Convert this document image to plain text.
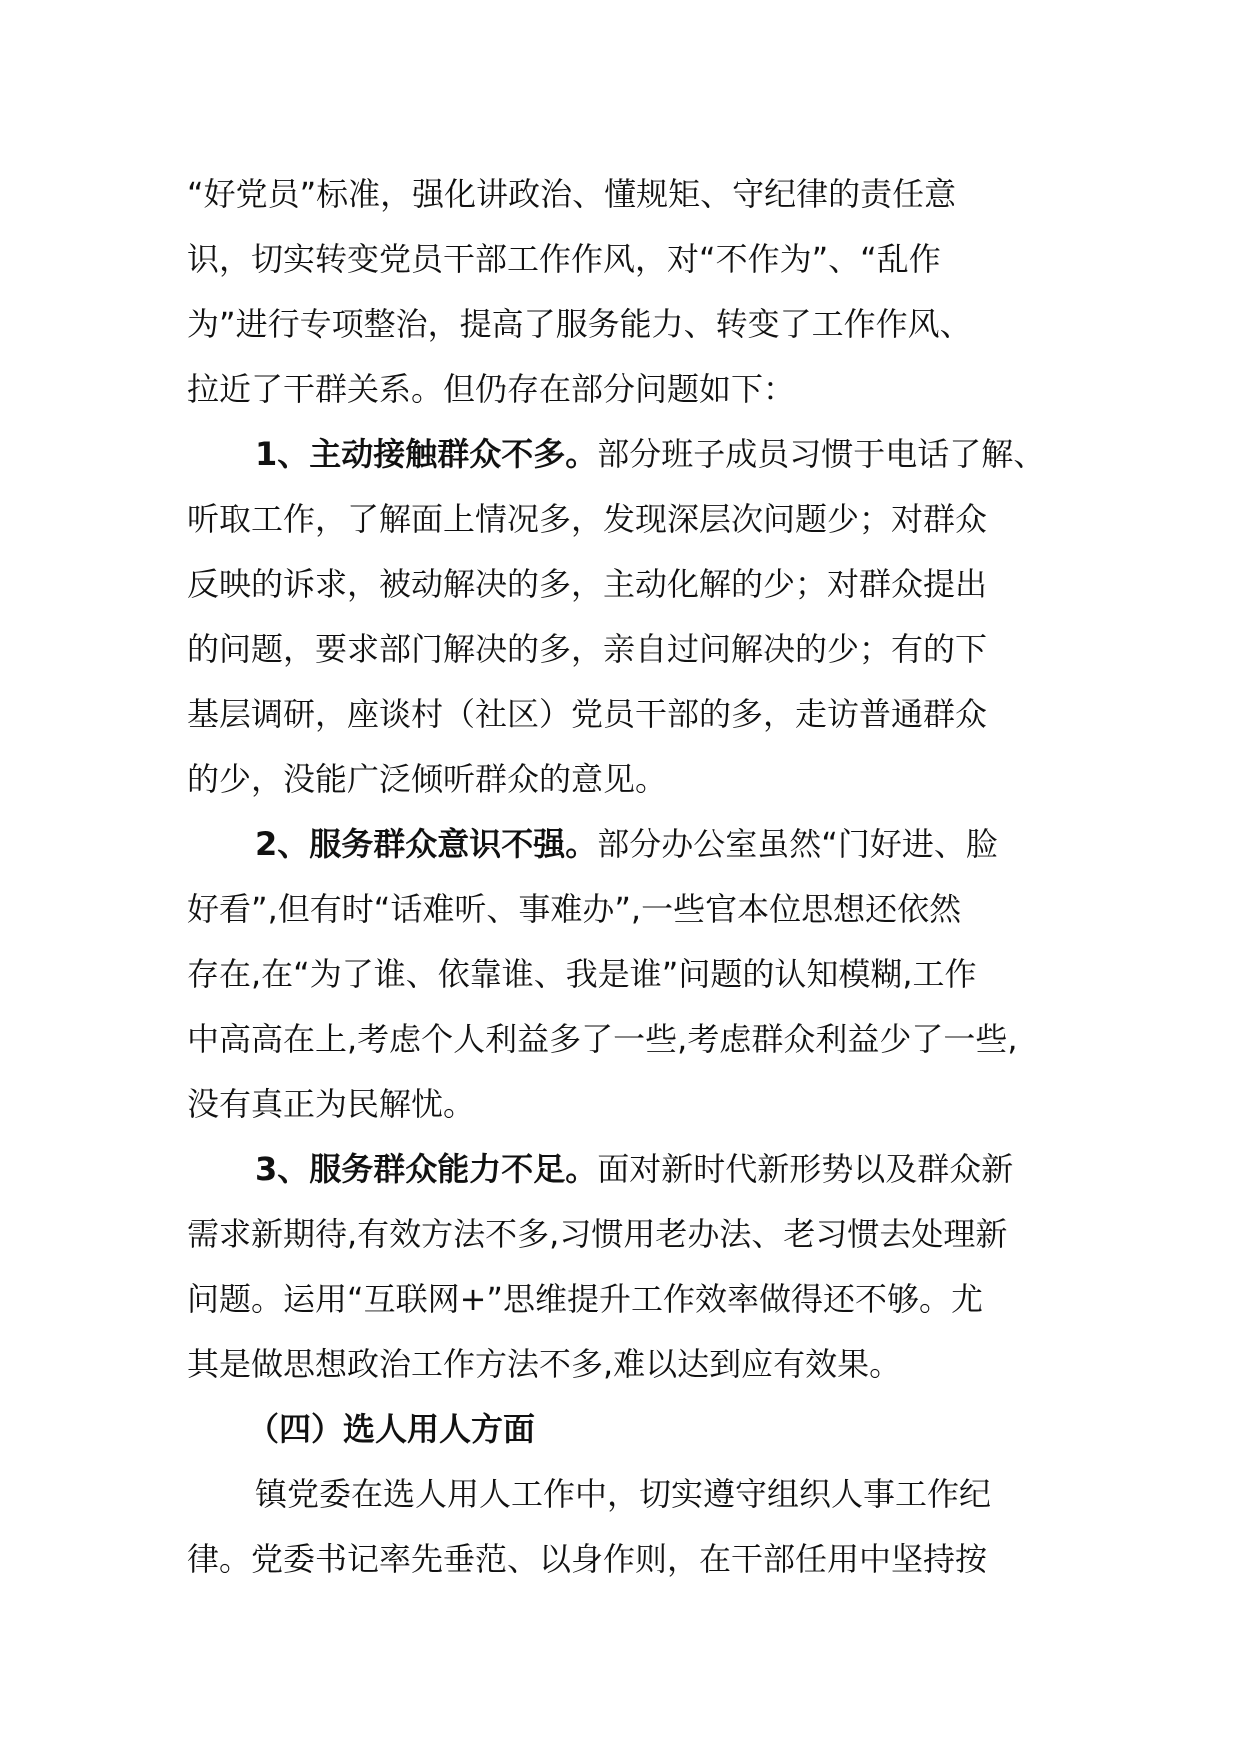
“好党员”标准，强化讲政治、懂规矩、守纪律的责任意
识，切实转变党员干部工作作风，对“不作为”、“乱作
为”进行专项整治，提高了服务能力、转变了工作作风、
拉近了干群关系。但仍存在部分问题如下：
1、主动接触群众不多。部分班子成员习惯于电话了解、
听取工作，了解面上情况多，发现深层次问题少；对群众
反映的诉求，被动解决的多，主动化解的少；对群众提出
的问题，要求部门解决的多，亲自过问解决的少；有的下
基层调研，座谈村（社区）党员干部的多，走访普通群众
的少，没能广泛倾听群众的意见。
2、服务群众意识不强。部分办公室虽然“门好进、脸
好看”,但有时“话难听、事难办”,一些官本位思想还依然
存在,在“为了谁、依靠谁、我是谁”问题的认知模糊,工作
中高高在上,考虑个人利益多了一些,考虑群众利益少了一些,
没有真正为民解忧。
3、服务群众能力不足。面对新时代新形势以及群众新
需求新期待,有效方法不多,习惯用老办法、老习惯去处理新
问题。运用“互联网+”思维提升工作效率做得还不够。尤
其是做思想政治工作方法不多,难以达到应有效果。
（四）选人用人方面
镇党委在选人用人工作中，切实遵守组织人事工作纪
律。党委书记率先垂范、以身作则，在干部任用中坚持按
